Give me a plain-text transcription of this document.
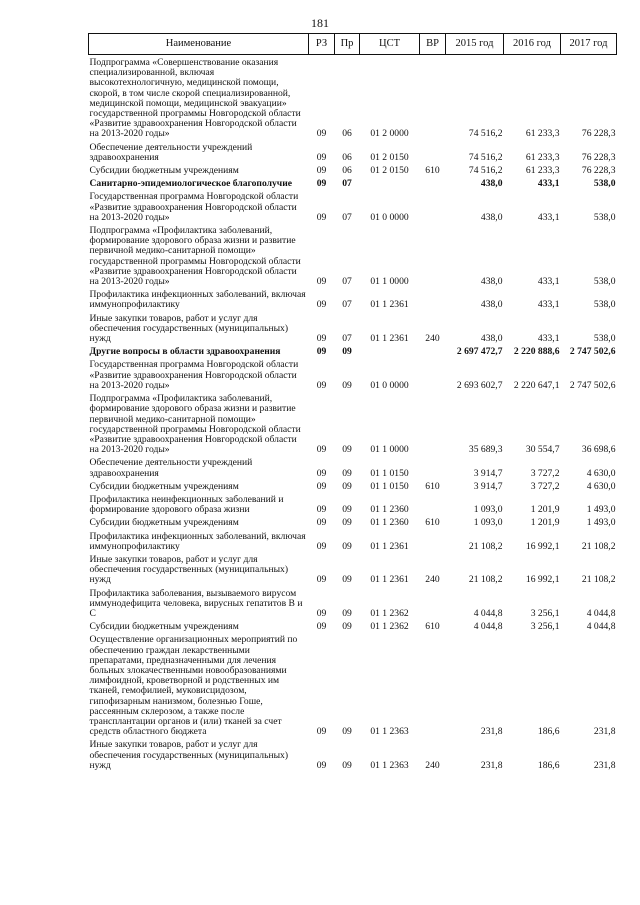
181
Наименование	РЗ	Пр	ЦСТ	ВР	2015 год	2016 год	2017 год
Подпрограмма «Совершенствование оказания специализированной, включая высокотехнологичную, медицинской помощи, скорой, в том числе скорой специализированной, медицинской помощи, медицинской эвакуации» государственной программы Новгородской области «Развитие здравоохранения Новгородской области на 2013-2020 годы»	09	06	01 2 0000		74 516,2	61 233,3	76 228,3
Обеспечение деятельности учреждений здравоохранения	09	06	01 2 0150		74 516,2	61 233,3	76 228,3
Субсидии бюджетным учреждениям	09	06	01 2 0150	610	74 516,2	61 233,3	76 228,3
Санитарно-эпидемиологическое благополучие	09	07			438,0	433,1	538,0
Государственная программа Новгородской области «Развитие здравоохранения Новгородской области на 2013-2020 годы»	09	07	01 0 0000		438,0	433,1	538,0
Подпрограмма «Профилактика заболеваний, формирование здорового образа жизни и развитие первичной медико-санитарной помощи» государственной программы Новгородской области «Развитие здравоохранения Новгородской области на 2013-2020 годы»	09	07	01 1 0000		438,0	433,1	538,0
Профилактика инфекционных заболеваний, включая иммунопрофилактику	09	07	01 1 2361		438,0	433,1	538,0
Иные закупки товаров, работ и услуг для обеспечения государственных (муниципальных) нужд	09	07	01 1 2361	240	438,0	433,1	538,0
Другие вопросы в области здравоохранения	09	09			2 697 472,7	2 220 888,6	2 747 502,6
Государственная программа Новгородской области «Развитие здравоохранения Новгородской области на 2013-2020 годы»	09	09	01 0 0000		2 693 602,7	2 220 647,1	2 747 502,6
Подпрограмма «Профилактика заболеваний, формирование здорового образа жизни и развитие первичной медико-санитарной помощи» государственной программы Новгородской области «Развитие здравоохранения Новгородской области на 2013-2020 годы»	09	09	01 1 0000		35 689,3	30 554,7	36 698,6
Обеспечение деятельности учреждений здравоохранения	09	09	01 1 0150		3 914,7	3 727,2	4 630,0
Субсидии бюджетным учреждениям	09	09	01 1 0150	610	3 914,7	3 727,2	4 630,0
Профилактика неинфекционных заболеваний и формирование здорового образа жизни	09	09	01 1 2360		1 093,0	1 201,9	1 493,0
Субсидии бюджетным учреждениям	09	09	01 1 2360	610	1 093,0	1 201,9	1 493,0
Профилактика инфекционных заболеваний, включая иммунопрофилактику	09	09	01 1 2361		21 108,2	16 992,1	21 108,2
Иные закупки товаров, работ и услуг для обеспечения государственных (муниципальных) нужд	09	09	01 1 2361	240	21 108,2	16 992,1	21 108,2
Профилактика заболевания, вызываемого вирусом иммунодефицита человека, вирусных гепатитов В и С	09	09	01 1 2362		4 044,8	3 256,1	4 044,8
Субсидии бюджетным учреждениям	09	09	01 1 2362	610	4 044,8	3 256,1	4 044,8
Осуществление организационных мероприятий по обеспечению граждан лекарственными препаратами, предназначенными для лечения больных злокачественными новообразованиями лимфоидной, кроветворной и родственных им тканей, гемофилией, муковисцидозом, гипофизарным нанизмом, болезнью Гоше, рассеянным склерозом, а также после трансплантации органов и (или) тканей за счет средств областного бюджета	09	09	01 1 2363		231,8	186,6	231,8
Иные закупки товаров, работ и услуг для обеспечения государственных (муниципальных) нужд	09	09	01 1 2363	240	231,8	186,6	231,8
